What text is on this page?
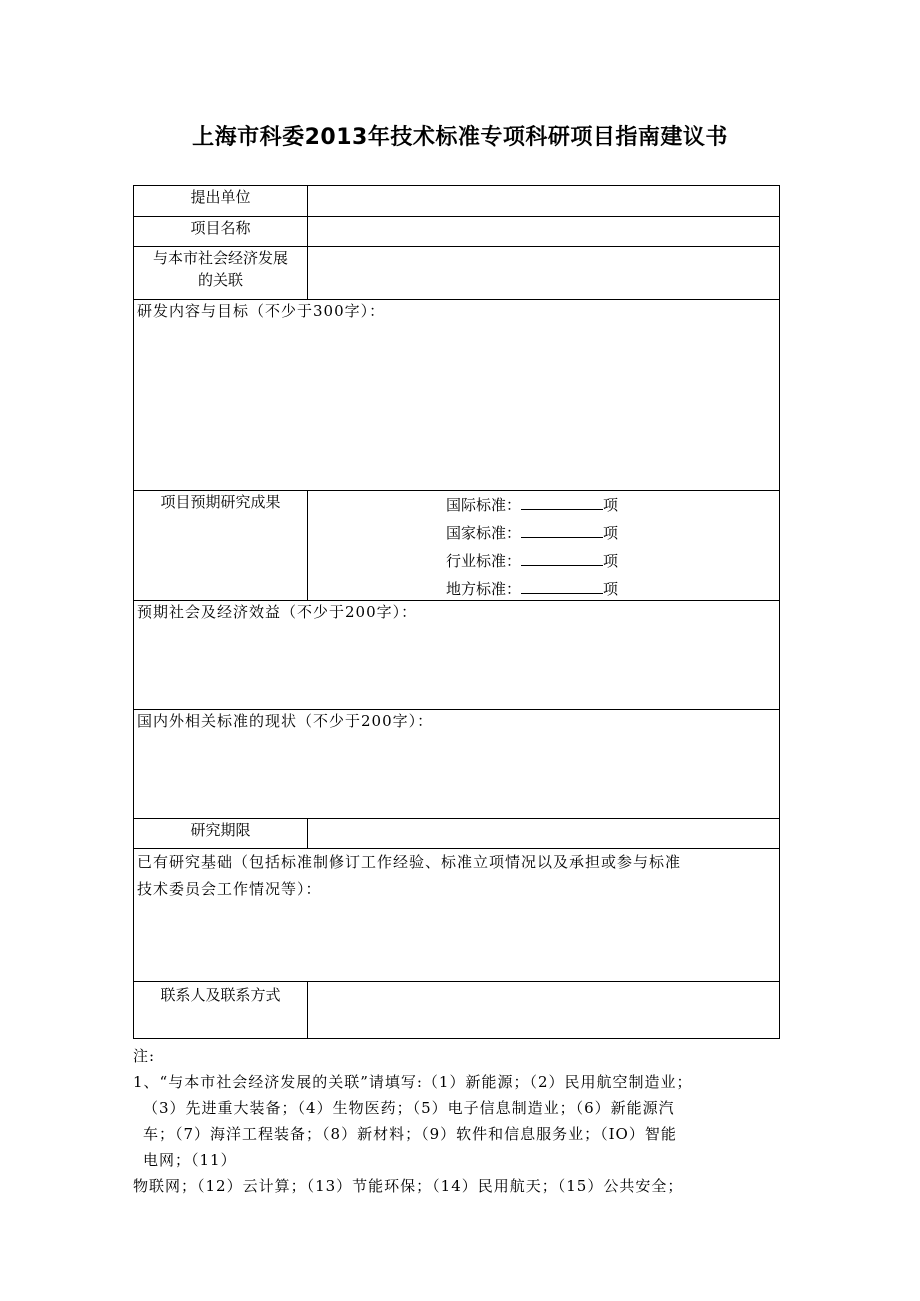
上海市科委2013年技术标准专项科研项目指南建议书
提出单位	
项目名称	

与本市社会经济发展
的关联	

研发内容与目标（不少于300字）：	
项目预期研究成果	国际标准： 项
国家标准： 项
行业标准： 项
地方标准： 项

预期社会及经济效益（不少于200字）：	
国内外相关标准的现状（不少于200字）：	
研究期限	

已有研究基础（包括标准制修订工作经验、标准立项情况以及承担或参与标准
技术委员会工作情况等）：	

联系人及联系方式	

注:

1、“与本市社会经济发展的关联”请填写:（1）新能源；（2）民用航空制造业；

（3）先进重大装备；（4）生物医药；（5）电子信息制造业；（6）新能源汽

车；（7）海洋工程装备；（8）新材料；（9）软件和信息服务业；（IO）智能

电网；（11）

物联网；（12）云计算；（13）节能环保；（14）民用航天；（15）公共安全；
